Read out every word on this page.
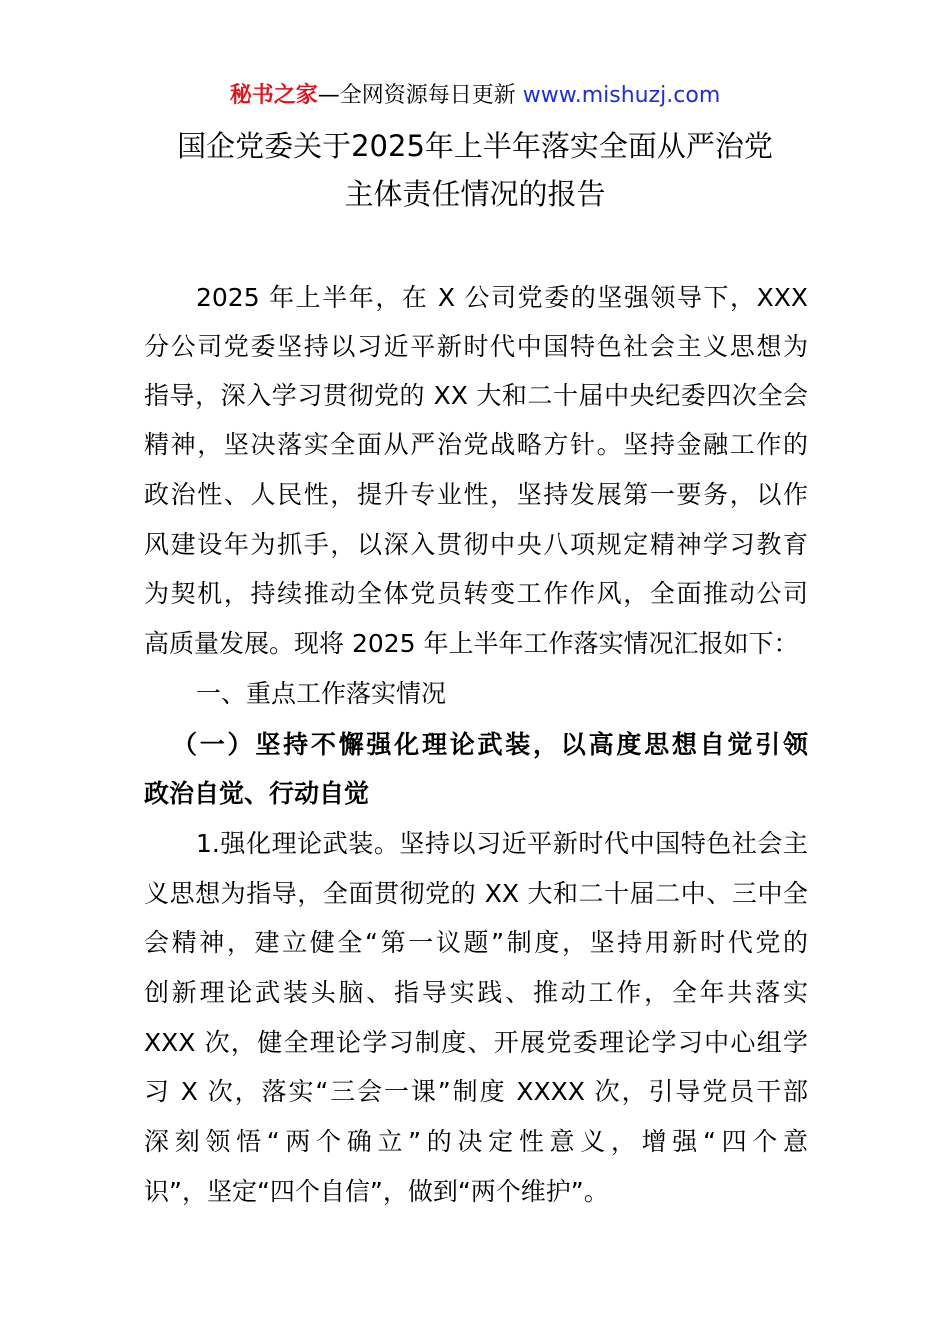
秘书之家—全网资源每日更新 www.mishuzj.com
国企党委关于2025年上半年落实全面从严治党
主体责任情况的报告
2025 年上半年，在 X 公司党委的坚强领导下，XXX
分公司党委坚持以习近平新时代中国特色社会主义思想为
指导，深入学习贯彻党的 XX 大和二十届中央纪委四次全会
精神，坚决落实全面从严治党战略方针。坚持金融工作的
政治性、人民性，提升专业性，坚持发展第一要务，以作
风建设年为抓手，以深入贯彻中央八项规定精神学习教育
为契机，持续推动全体党员转变工作作风，全面推动公司
高质量发展。现将 2025 年上半年工作落实情况汇报如下：
一、重点工作落实情况
（一）坚持不懈强化理论武装，以高度思想自觉引领
政治自觉、行动自觉
1.强化理论武装。坚持以习近平新时代中国特色社会主
义思想为指导，全面贯彻党的 XX 大和二十届二中、三中全
会精神，建立健全“第一议题”制度，坚持用新时代党的
创新理论武装头脑、指导实践、推动工作，全年共落实
XXX 次，健全理论学习制度、开展党委理论学习中心组学
习 X 次，落实“三会一课”制度 XXXX 次，引导党员干部
深刻领悟“两个确立”的决定性意义，增强“四个意
识”，坚定“四个自信”，做到“两个维护”。
